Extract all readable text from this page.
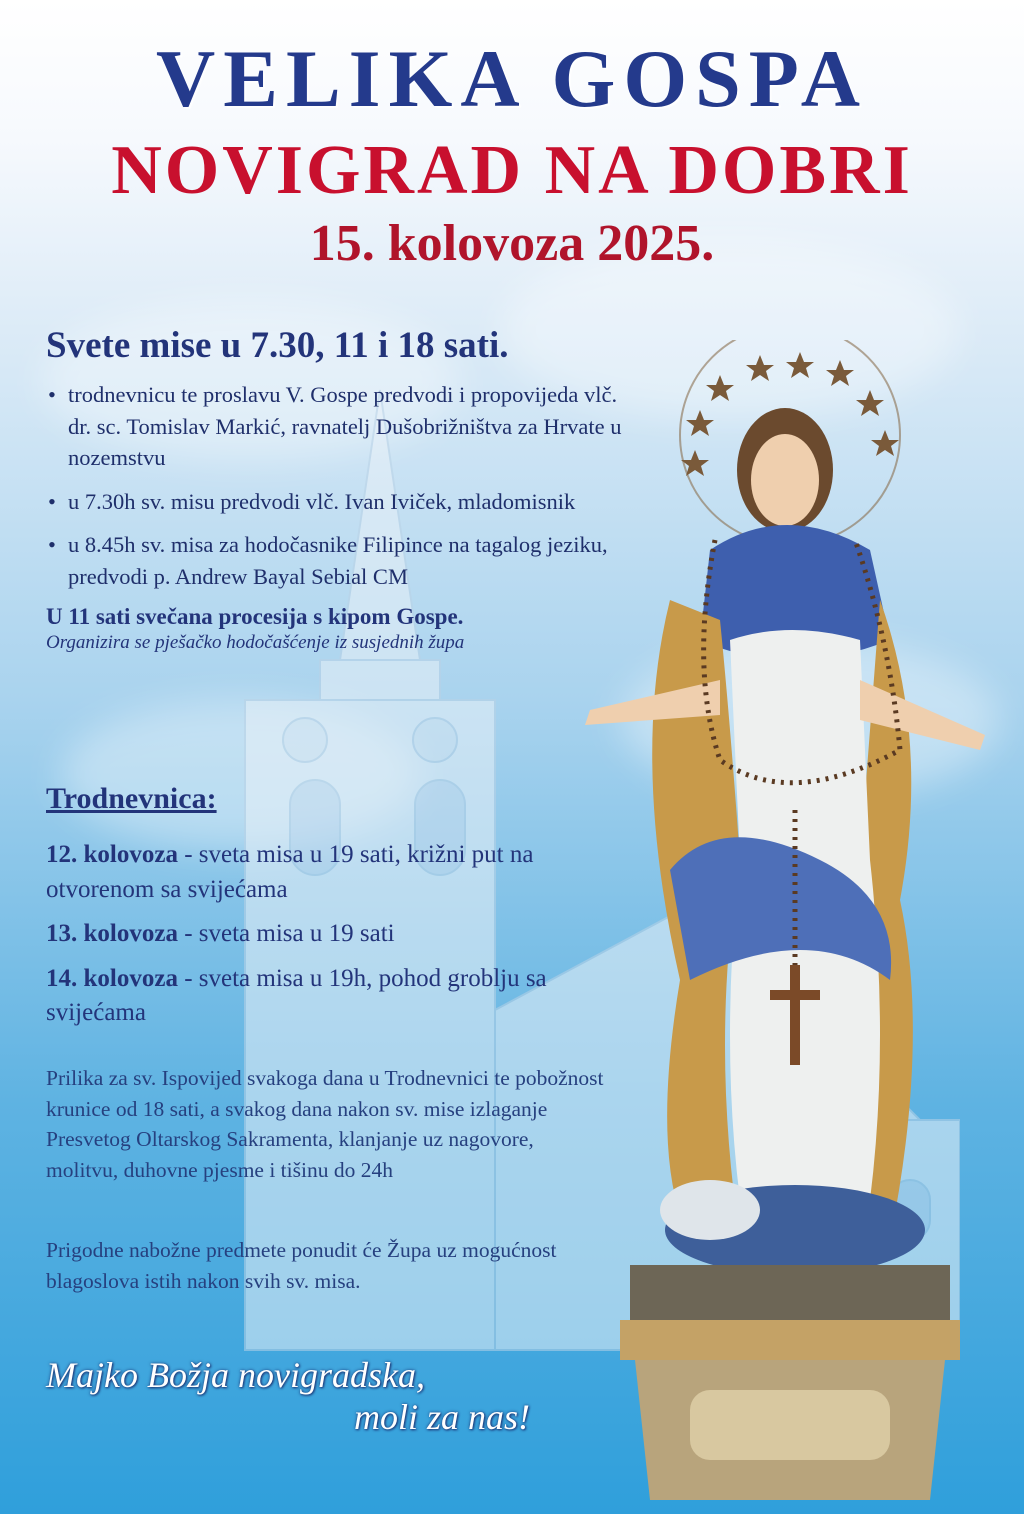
VELIKA GOSPA
NOVIGRAD NA DOBRI
15. kolovoza 2025.
Svete mise u 7.30, 11 i 18 sati.
• trodnevnicu te proslavu V. Gospe predvodi i propovijeda vlč. dr. sc. Tomislav Markić, ravnatelj Dušobrižništva za Hrvate u nozemstvu
• u 7.30h sv. misu predvodi vlč. Ivan Iviček, mladomisnik
• u 8.45h sv. misa za hodočasnike Filipince na tagalog jeziku, predvodi p. Andrew Bayal Sebial CM
U 11 sati svečana procesija s kipom Gospe.
Organizira se pješačko hodočašćenje iz susjednih župa
Trodnevnica:
12. kolovoza - sveta misa u 19 sati, križni put na otvorenom sa svijećama
13. kolovoza - sveta misa u 19 sati
14. kolovoza - sveta misa u 19h, pohod groblju sa svijećama
Prilika za sv. Ispovijed svakoga dana u Trodnevnici te pobožnost krunice od 18 sati, a svakog dana nakon sv. mise izlaganje Presvetog Oltarskog Sakramenta, klanjanje uz nagovore, molitvu, duhovne pjesme i tišinu do 24h
Prigodne nabožne predmete ponudit će Župa uz mogućnost blagoslova istih nakon svih sv. misa.
Majko Božja novigradska,

moli za nas!
